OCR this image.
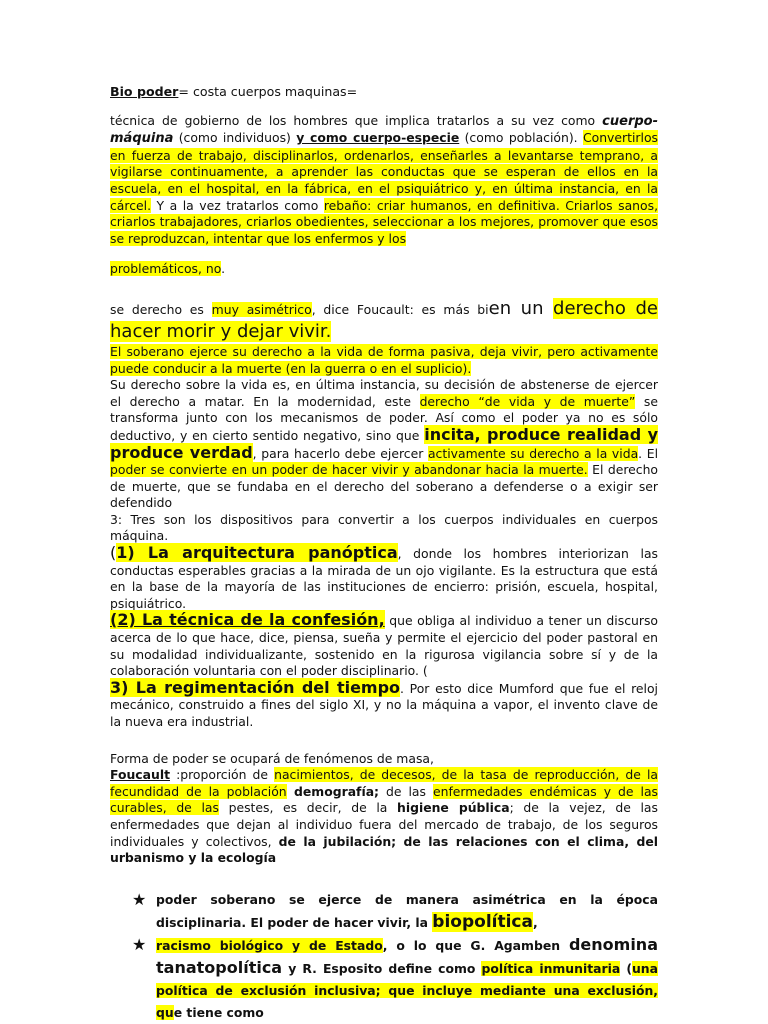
Bio poder= costa cuerpos maquinas=

técnica de gobierno de los hombres que implica tratarlos a su vez como cuerpo-máquina (como individuos) y como cuerpo-especie (como población). Convertirlos en fuerza de trabajo, disciplinarlos, ordenarlos, enseñarles a levantarse temprano, a vigilarse continuamente, a aprender las conductas que se esperan de ellos en la escuela, en el hospital, en la fábrica, en el psiquiátrico y, en última instancia, en la cárcel. Y a la vez tratarlos como rebaño: criar humanos, en definitiva. Criarlos sanos, criarlos trabajadores, criarlos obedientes, seleccionar a los mejores, promover que esos se reproduzcan, intentar que los enfermos y los

problemáticos, no.

se derecho es muy asimétrico, dice Foucault: es más bien un derecho de hacer morir y dejar vivir.

El soberano ejerce su derecho a la vida de forma pasiva, deja vivir, pero activamente puede conducir a la muerte (en la guerra o en el suplicio).

Su derecho sobre la vida es, en última instancia, su decisión de abstenerse de ejercer el derecho a matar. En la modernidad, este derecho “de vida y de muerte” se transforma junto con los mecanismos de poder. Así como el poder ya no es sólo deductivo, y en cierto sentido negativo, sino que incita, produce realidad y produce verdad, para hacerlo debe ejercer activamente su derecho a la vida. El poder se convierte en un poder de hacer vivir y abandonar hacia la muerte. El derecho de muerte, que se fundaba en el derecho del soberano a defenderse o a exigir ser defendido

3: Tres son los dispositivos para convertir a los cuerpos individuales en cuerpos máquina.

(1) La arquitectura panóptica, donde los hombres interiorizan las conductas esperables gracias a la mirada de un ojo vigilante. Es la estructura que está en la base de la mayoría de las instituciones de encierro: prisión, escuela, hospital, psiquiátrico.

(2) La técnica de la confesión, que obliga al individuo a tener un discurso acerca de lo que hace, dice, piensa, sueña y permite el ejercicio del poder pastoral en su modalidad individualizante, sostenido en la rigurosa vigilancia sobre sí y de la colaboración voluntaria con el poder disciplinario. (

3) La regimentación del tiempo. Por esto dice Mumford que fue el reloj mecánico, construido a fines del siglo XI, y no la máquina a vapor, el invento clave de la nueva era industrial.

Forma de poder se ocupará de fenómenos de masa,

Foucault :proporción de nacimientos, de decesos, de la tasa de reproducción, de la fecundidad de la población demografía; de las enfermedades endémicas y de las curables, de las pestes, es decir, de la higiene pública; de la vejez, de las enfermedades que dejan al individuo fuera del mercado de trabajo, de los seguros individuales y colectivos, de la jubilación; de las relaciones con el clima, del urbanismo y la ecología

★ poder soberano se ejerce de manera asimétrica en la época disciplinaria. El poder de hacer vivir, la biopolítica,
★ racismo biológico y de Estado, o lo que G. Agamben denomina tanatopolítica y R. Esposito define como política inmunitaria (una política de exclusión inclusiva; que incluye mediante una exclusión, que tiene como
